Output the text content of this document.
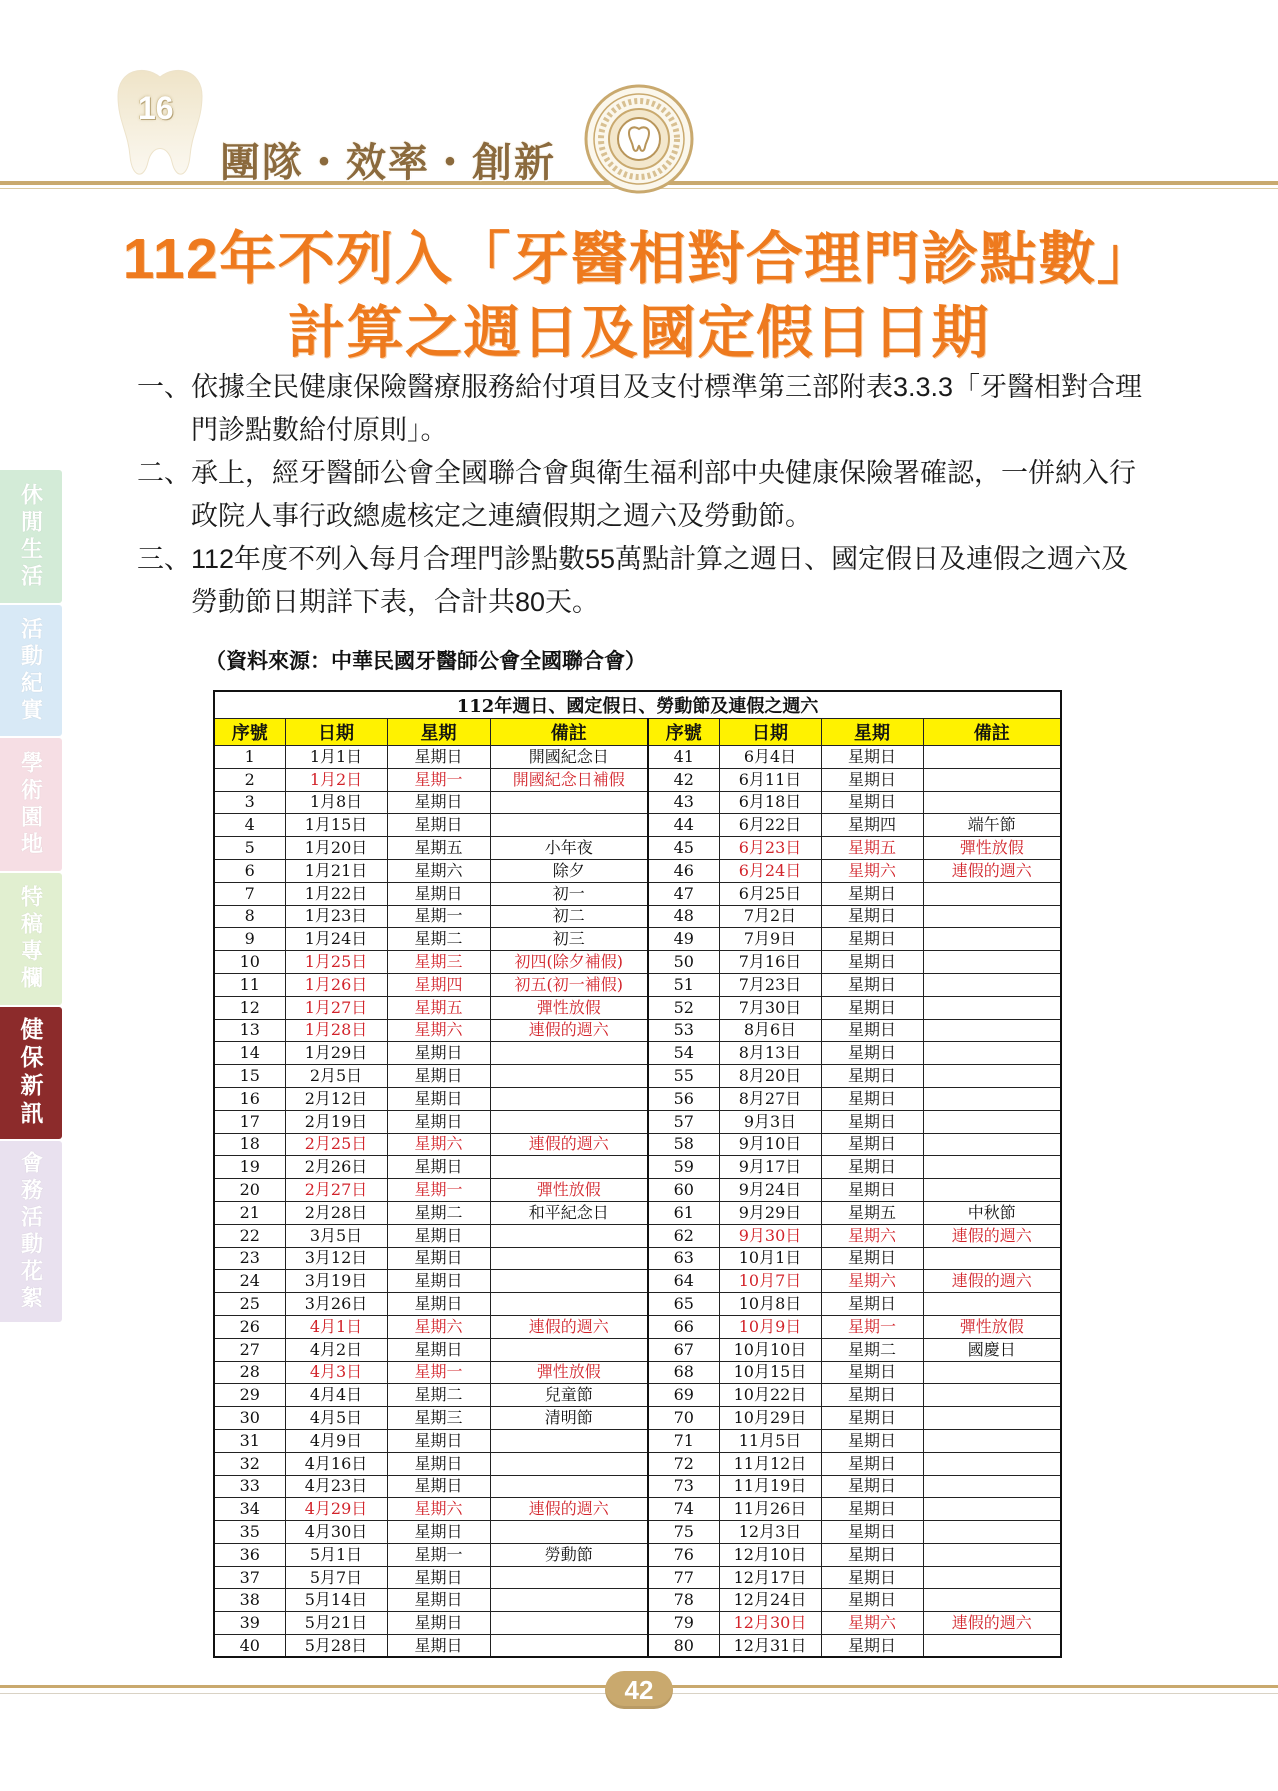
16
團隊・效率・創新
112年不列入「牙醫相對合理門診點數」
計算之週日及國定假日日期
一、依據全民健康保險醫療服務給付項目及支付標準第三部附表3.3.3「牙醫相對合理
門診點數給付原則」。
二、承上，經牙醫師公會全國聯合會與衛生福利部中央健康保險署確認，一併納入行
政院人事行政總處核定之連續假期之週六及勞動節。
三、112年度不列入每月合理門診點數55萬點計算之週日、國定假日及連假之週六及
勞動節日期詳下表，合計共80天。
（資料來源：中華民國牙醫師公會全國聯合會）
112年週日、國定假日、勞動節及連假之週六							
序號	日期	星期	備註	序號	日期	星期	備註
1	1月1日	星期日	開國紀念日	41	6月4日	星期日	
2	1月2日	星期一	開國紀念日補假	42	6月11日	星期日	
3	1月8日	星期日		43	6月18日	星期日	
4	1月15日	星期日		44	6月22日	星期四	端午節
5	1月20日	星期五	小年夜	45	6月23日	星期五	彈性放假
6	1月21日	星期六	除夕	46	6月24日	星期六	連假的週六
7	1月22日	星期日	初一	47	6月25日	星期日	
8	1月23日	星期一	初二	48	7月2日	星期日	
9	1月24日	星期二	初三	49	7月9日	星期日	
10	1月25日	星期三	初四(除夕補假)	50	7月16日	星期日	
11	1月26日	星期四	初五(初一補假)	51	7月23日	星期日	
12	1月27日	星期五	彈性放假	52	7月30日	星期日	
13	1月28日	星期六	連假的週六	53	8月6日	星期日	
14	1月29日	星期日		54	8月13日	星期日	
15	2月5日	星期日		55	8月20日	星期日	
16	2月12日	星期日		56	8月27日	星期日	
17	2月19日	星期日		57	9月3日	星期日	
18	2月25日	星期六	連假的週六	58	9月10日	星期日	
19	2月26日	星期日		59	9月17日	星期日	
20	2月27日	星期一	彈性放假	60	9月24日	星期日	
21	2月28日	星期二	和平紀念日	61	9月29日	星期五	中秋節
22	3月5日	星期日		62	9月30日	星期六	連假的週六
23	3月12日	星期日		63	10月1日	星期日	
24	3月19日	星期日		64	10月7日	星期六	連假的週六
25	3月26日	星期日		65	10月8日	星期日	
26	4月1日	星期六	連假的週六	66	10月9日	星期一	彈性放假
27	4月2日	星期日		67	10月10日	星期二	國慶日
28	4月3日	星期一	彈性放假	68	10月15日	星期日	
29	4月4日	星期二	兒童節	69	10月22日	星期日	
30	4月5日	星期三	清明節	70	10月29日	星期日	
31	4月9日	星期日		71	11月5日	星期日	
32	4月16日	星期日		72	11月12日	星期日	
33	4月23日	星期日		73	11月19日	星期日	
34	4月29日	星期六	連假的週六	74	11月26日	星期日	
35	4月30日	星期日		75	12月3日	星期日	
36	5月1日	星期一	勞動節	76	12月10日	星期日	
37	5月7日	星期日		77	12月17日	星期日	
38	5月14日	星期日		78	12月24日	星期日	
39	5月21日	星期日		79	12月30日	星期六	連假的週六
40	5月28日	星期日		80	12月31日	星期日	
休閒生活
活動紀實
學術園地
特稿專欄
健保新訊
會務活動花絮
42
